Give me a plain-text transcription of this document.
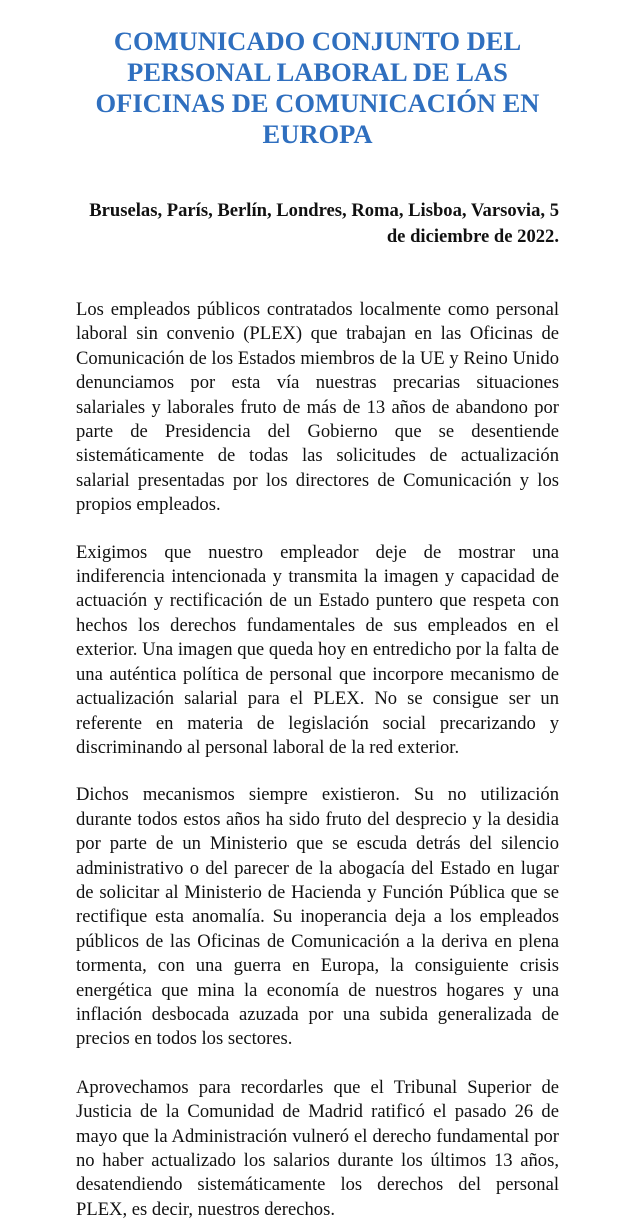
COMUNICADO CONJUNTO DEL PERSONAL LABORAL DE LAS OFICINAS DE COMUNICACIÓN EN EUROPA

Bruselas, París, Berlín, Londres, Roma, Lisboa, Varsovia, 5 de diciembre de 2022.

Los empleados públicos contratados localmente como personal laboral sin convenio (PLEX) que trabajan en las Oficinas de Comunicación de los Estados miembros de la UE y Reino Unido denunciamos por esta vía nuestras precarias situaciones salariales y laborales fruto de más de 13 años de abandono por parte de Presidencia del Gobierno que se desentiende sistemáticamente de todas las solicitudes de actualización salarial presentadas por los directores de Comunicación y los propios empleados.

Exigimos que nuestro empleador deje de mostrar una indiferencia intencionada y transmita la imagen y capacidad de actuación y rectificación de un Estado puntero que respeta con hechos los derechos fundamentales de sus empleados en el exterior. Una imagen que queda hoy en entredicho por la falta de una auténtica política de personal que incorpore mecanismo de actualización salarial para el PLEX. No se consigue ser un referente en materia de legislación social precarizando y discriminando al personal laboral de la red exterior.

Dichos mecanismos siempre existieron. Su no utilización durante todos estos años ha sido fruto del desprecio y la desidia por parte de un Ministerio que se escuda detrás del silencio administrativo o del parecer de la abogacía del Estado en lugar de solicitar al Ministerio de Hacienda y Función Pública que se rectifique esta anomalía. Su inoperancia deja a los empleados públicos de las Oficinas de Comunicación a la deriva en plena tormenta, con una guerra en Europa, la consiguiente crisis energética que mina la economía de nuestros hogares y una inflación desbocada azuzada por una subida generalizada de precios en todos los sectores.

Aprovechamos para recordarles que el Tribunal Superior de Justicia de la Comunidad de Madrid ratificó el pasado 26 de mayo que la Administración vulneró el derecho fundamental por no haber actualizado los salarios durante los últimos 13 años, desatendiendo sistemáticamente los derechos del personal PLEX, es decir, nuestros derechos.
